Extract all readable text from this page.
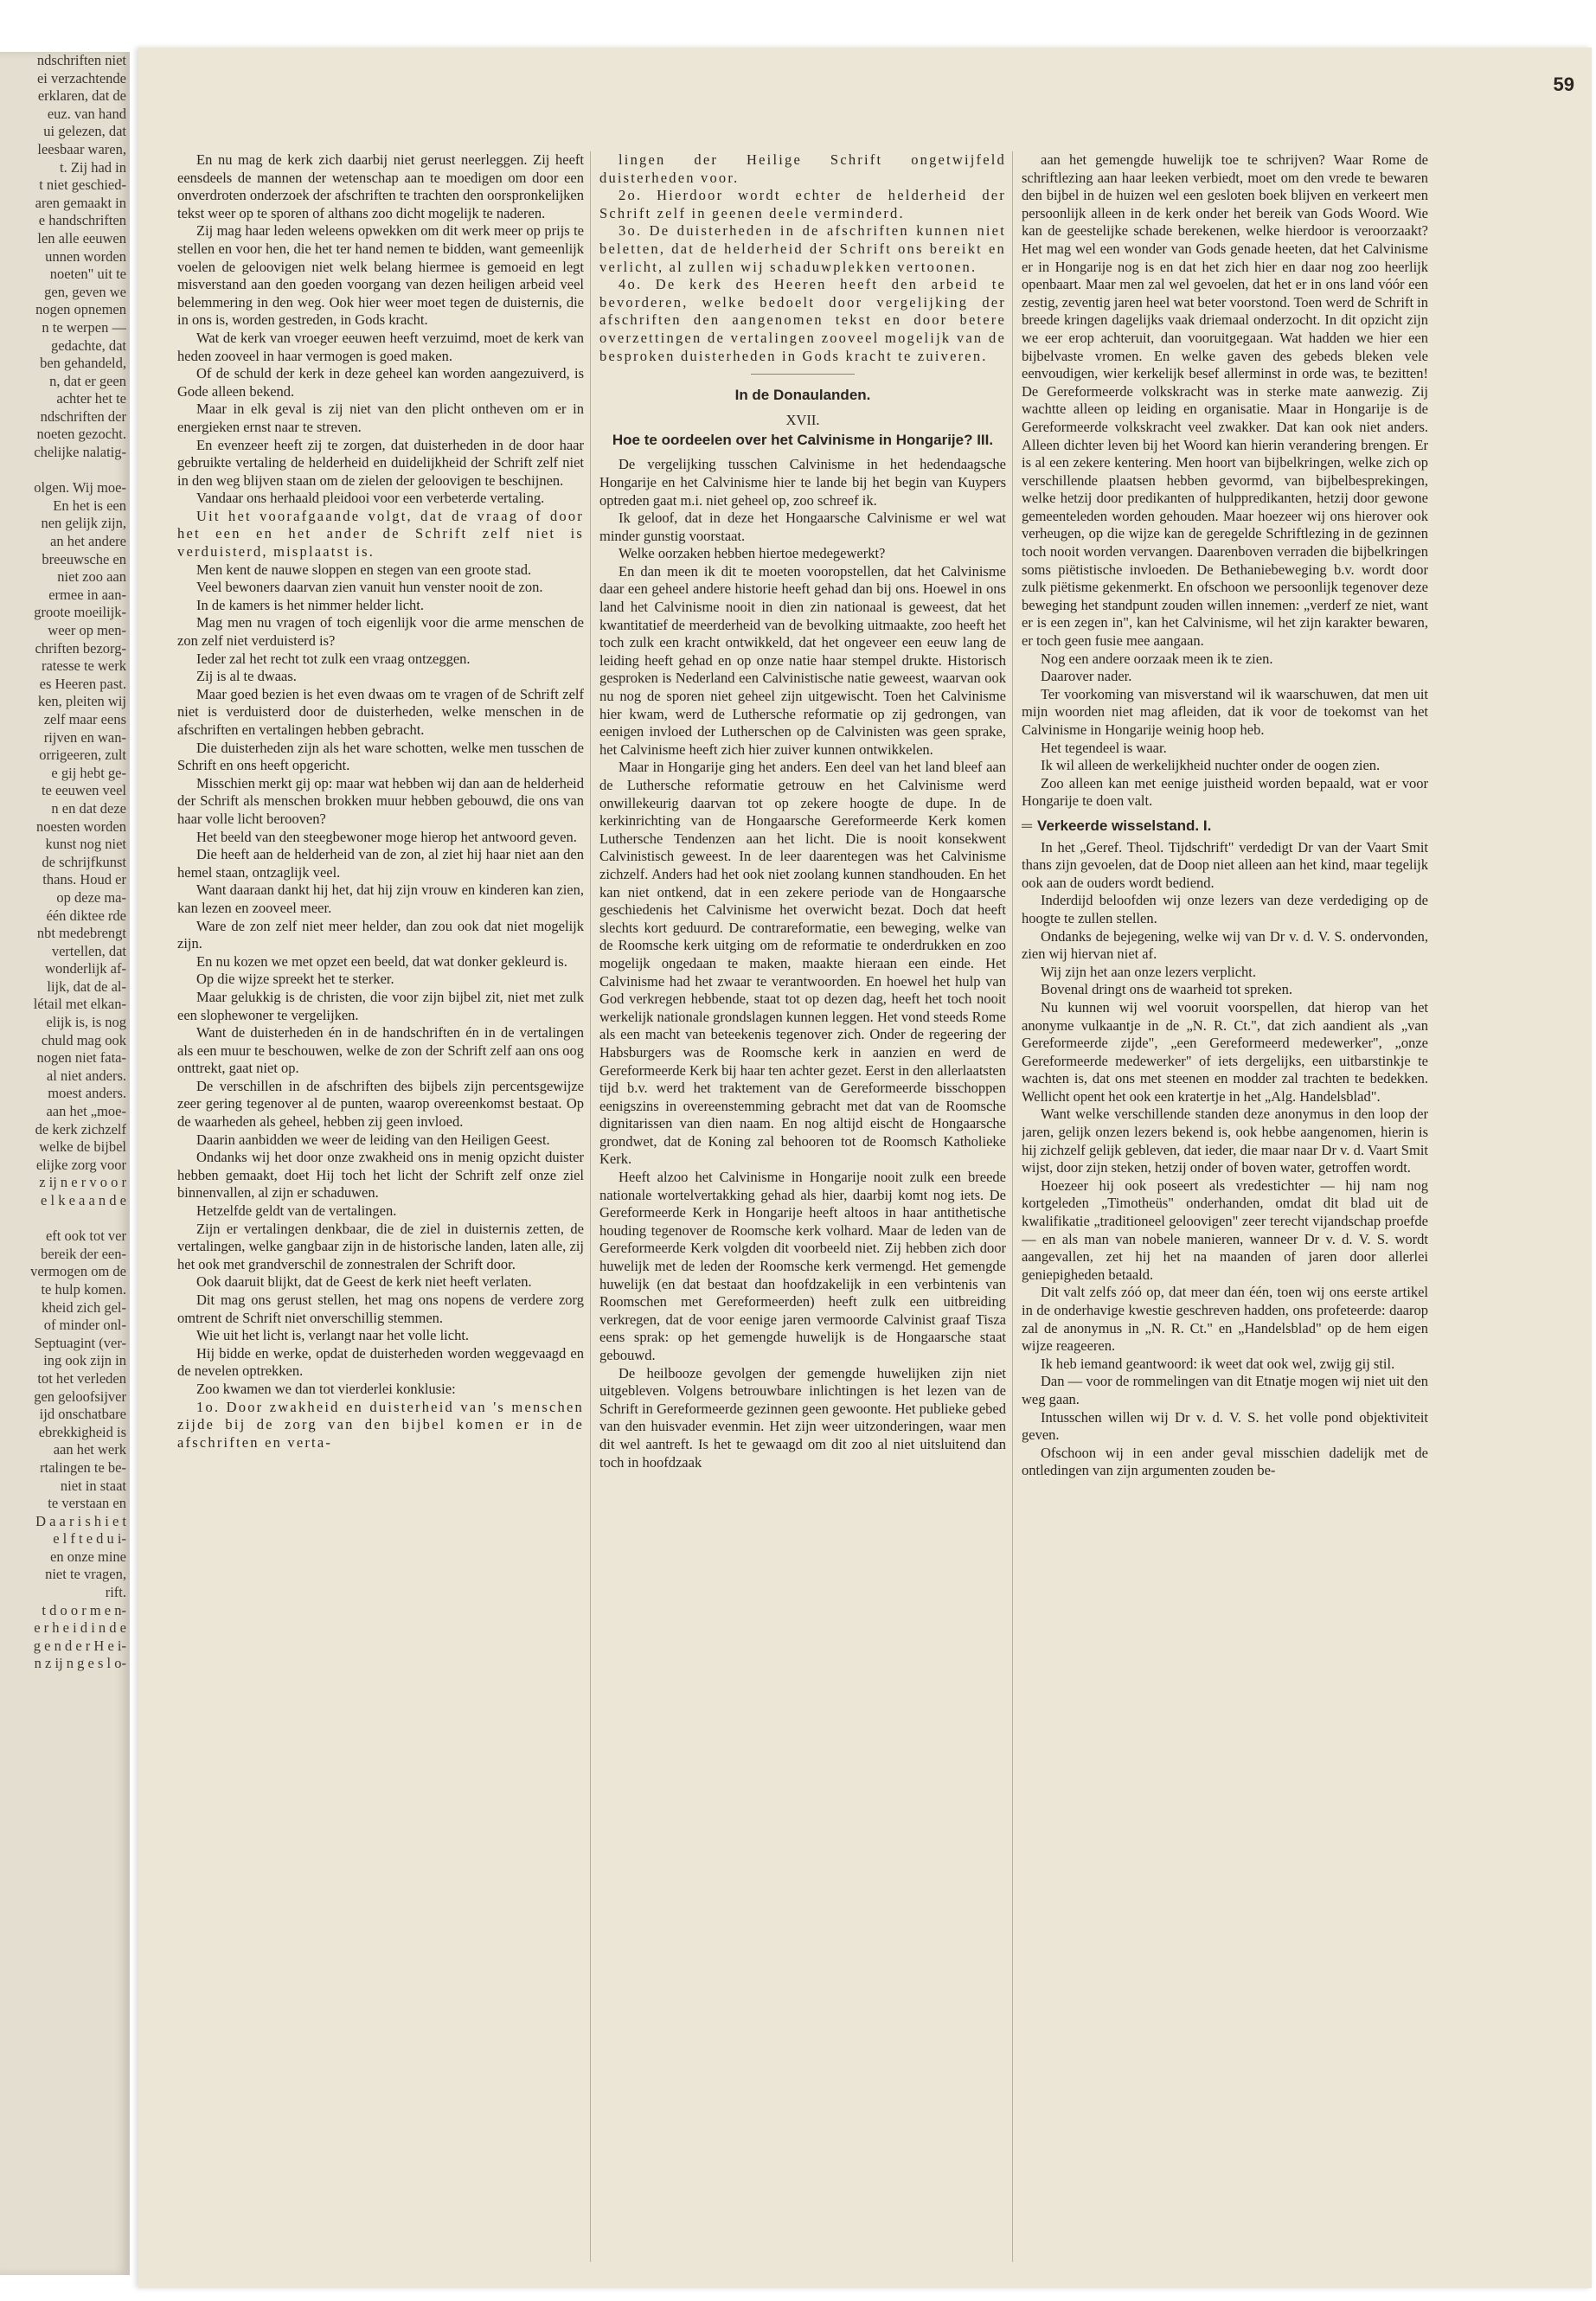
ndschriften niet
ei verzachtende
erklaren, dat de
euz. van hand
ui gelezen, dat
leesbaar waren,
t. Zij had in
t niet geschied-
aren gemaakt in
e handschriften
len alle eeuwen
unnen worden
noeten" uit te
gen, geven we
nogen opnemen
n te werpen —
gedachte, dat
ben gehandeld,
n, dat er geen
achter het te
ndschriften der
noeten gezocht.
chelijke nalatig-

olgen. Wij moe-
En het is een
nen gelijk zijn,
an het andere
breeuwsche en
niet zoo aan
ermee in aan-
groote moeilijk-
weer op men-
chriften bezorg-
ratesse te werk
es Heeren past.
ken, pleiten wij
zelf maar eens
rijven en wan-
orrigeeren, zult
e gij hebt ge-
te eeuwen veel
n en dat deze
noesten worden
kunst nog niet
de schrijfkunst
thans. Houd er
op deze ma-
één diktee rde
nbt medebrengt
vertellen, dat
wonderlijk af-
lijk, dat de al-
létail met elkan-
elijk is, is nog
chuld mag ook
nogen niet fata-
al niet anders.
moest anders.
aan het „moe-
de kerk zichzelf
welke de bijbel
elijke zorg voor
z ij n e r v o o r
e l k e a a n d e

eft ook tot ver
bereik der een-
vermogen om de
te hulp komen.
kheid zich gel-
of minder onl-
Septuagint (ver-
ing ook zijn in
tot het verleden
gen geloofsijver
ijd onschatbare
ebrekkigheid is
aan het werk
rtalingen te be-
niet in staat
te verstaan en
D a a r i s h i e t
e l f t e d u i-
en onze mine
niet te vragen,
rift.
t d o o r m e n-
e r h e i d i n d e
g e n d e r H e i-
n z ij n g e s l o-
59

En nu mag de kerk zich daarbij niet gerust neerleggen. Zij heeft eensdeels de mannen der wetenschap aan te moedigen om door een onverdroten onderzoek der afschriften te trachten den oorspronkelijken tekst weer op te sporen of althans zoo dicht mogelijk te naderen.

Zij mag haar leden weleens opwekken om dit werk meer op prijs te stellen en voor hen, die het ter hand nemen te bidden, want gemeenlijk voelen de geloovigen niet welk belang hiermee is gemoeid en legt misverstand aan den goeden voorgang van dezen heiligen arbeid veel belemmering in den weg. Ook hier weer moet tegen de duisternis, die in ons is, worden gestreden, in Gods kracht.

Wat de kerk van vroeger eeuwen heeft verzuimd, moet de kerk van heden zooveel in haar vermogen is goed maken.

Of de schuld der kerk in deze geheel kan worden aangezuiverd, is Gode alleen bekend.

Maar in elk geval is zij niet van den plicht ontheven om er in energieken ernst naar te streven.

En evenzeer heeft zij te zorgen, dat duisterheden in de door haar gebruikte vertaling de helderheid en duidelijkheid der Schrift zelf niet in den weg blijven staan om de zielen der geloovigen te beschijnen.

Vandaar ons herhaald pleidooi voor een verbeterde vertaling.

Uit het voorafgaande volgt, dat de vraag of door het een en het ander de Schrift zelf niet is verduisterd, misplaatst is.

Men kent de nauwe sloppen en stegen van een groote stad.

Veel bewoners daarvan zien vanuit hun venster nooit de zon.

In de kamers is het nimmer helder licht.

Mag men nu vragen of toch eigenlijk voor die arme menschen de zon zelf niet verduisterd is?

Ieder zal het recht tot zulk een vraag ontzeggen.

Zij is al te dwaas.

Maar goed bezien is het even dwaas om te vragen of de Schrift zelf niet is verduisterd door de duisterheden, welke menschen in de afschriften en vertalingen hebben gebracht.

Die duisterheden zijn als het ware schotten, welke men tusschen de Schrift en ons heeft opgericht.

Misschien merkt gij op: maar wat hebben wij dan aan de helderheid der Schrift als menschen brokken muur hebben gebouwd, die ons van haar volle licht berooven?

Het beeld van den steegbewoner moge hierop het antwoord geven.

Die heeft aan de helderheid van de zon, al ziet hij haar niet aan den hemel staan, ontzaglijk veel.

Want daaraan dankt hij het, dat hij zijn vrouw en kinderen kan zien, kan lezen en zooveel meer.

Ware de zon zelf niet meer helder, dan zou ook dat niet mogelijk zijn.

En nu kozen we met opzet een beeld, dat wat donker gekleurd is.

Op die wijze spreekt het te sterker.

Maar gelukkig is de christen, die voor zijn bijbel zit, niet met zulk een slophewoner te vergelijken.

Want de duisterheden én in de handschriften én in de vertalingen als een muur te beschouwen, welke de zon der Schrift zelf aan ons oog onttrekt, gaat niet op.

De verschillen in de afschriften des bijbels zijn percentsgewijze zeer gering tegenover al de punten, waarop overeenkomst bestaat. Op de waarheden als geheel, hebben zij geen invloed.

Daarin aanbidden we weer de leiding van den Heiligen Geest.

Ondanks wij het door onze zwakheid ons in menig opzicht duister hebben gemaakt, doet Hij toch het licht der Schrift zelf onze ziel binnenvallen, al zijn er schaduwen.

Hetzelfde geldt van de vertalingen.

Zijn er vertalingen denkbaar, die de ziel in duisternis zetten, de vertalingen, welke gangbaar zijn in de historische landen, laten alle, zij het ook met grandverschil de zonnestralen der Schrift door.

Ook daaruit blijkt, dat de Geest de kerk niet heeft verlaten.

Dit mag ons gerust stellen, het mag ons nopens de verdere zorg omtrent de Schrift niet onverschillig stemmen.

Wie uit het licht is, verlangt naar het volle licht.

Hij bidde en werke, opdat de duisterheden worden weggevaagd en de nevelen optrekken.

Zoo kwamen we dan tot vierderlei konklusie:

1o. Door zwakheid en duisterheid van 's menschen zijde bij de zorg van den bijbel komen er in de afschriften en verta-

lingen der Heilige Schrift ongetwijfeld duisterheden voor.

2o. Hierdoor wordt echter de helderheid der Schrift zelf in geenen deele verminderd.

3o. De duisterheden in de afschriften kunnen niet beletten, dat de helderheid der Schrift ons bereikt en verlicht, al zullen wij schaduwplekken vertoonen.

4o. De kerk des Heeren heeft den arbeid te bevorderen, welke bedoelt door vergelijking der afschriften den aangenomen tekst en door betere overzettingen de vertalingen zooveel mogelijk van de besproken duisterheden in Gods kracht te zuiveren.

In de Donaulanden.
XVII.
Hoe te oordeelen over het Calvinisme in Hongarije? III.

De vergelijking tusschen Calvinisme in het hedendaagsche Hongarije en het Calvinisme hier te lande bij het begin van Kuypers optreden gaat m.i. niet geheel op, zoo schreef ik.

Ik geloof, dat in deze het Hongaarsche Calvinisme er wel wat minder gunstig voorstaat.

Welke oorzaken hebben hiertoe medegewerkt?

En dan meen ik dit te moeten vooropstellen, dat het Calvinisme daar een geheel andere historie heeft gehad dan bij ons. Hoewel in ons land het Calvinisme nooit in dien zin nationaal is geweest, dat het kwantitatief de meerderheid van de bevolking uitmaakte, zoo heeft het toch zulk een kracht ontwikkeld, dat het ongeveer een eeuw lang de leiding heeft gehad en op onze natie haar stempel drukte. Historisch gesproken is Nederland een Calvinistische natie geweest, waarvan ook nu nog de sporen niet geheel zijn uitgewischt. Toen het Calvinisme hier kwam, werd de Luthersche reformatie op zij gedrongen, van eenigen invloed der Lutherschen op de Calvinisten was geen sprake, het Calvinisme heeft zich hier zuiver kunnen ontwikkelen.

Maar in Hongarije ging het anders. Een deel van het land bleef aan de Luthersche reformatie getrouw en het Calvinisme werd onwillekeurig daarvan tot op zekere hoogte de dupe. In de kerkinrichting van de Hongaarsche Gereformeerde Kerk komen Luthersche Tendenzen aan het licht. Die is nooit konsekwent Calvinistisch geweest. In de leer daarentegen was het Calvinisme zichzelf. Anders had het ook niet zoolang kunnen standhouden. En het kan niet ontkend, dat in een zekere periode van de Hongaarsche geschiedenis het Calvinisme het overwicht bezat. Doch dat heeft slechts kort geduurd. De contrareformatie, een beweging, welke van de Roomsche kerk uitging om de reformatie te onderdrukken en zoo mogelijk ongedaan te maken, maakte hieraan een einde. Het Calvinisme had het zwaar te verantwoorden. En hoewel het hulp van God verkregen hebbende, staat tot op dezen dag, heeft het toch nooit werkelijk nationale grondslagen kunnen leggen. Het vond steeds Rome als een macht van beteekenis tegenover zich. Onder de regeering der Habsburgers was de Roomsche kerk in aanzien en werd de Gereformeerde Kerk bij haar ten achter gezet. Eerst in den allerlaatsten tijd b.v. werd het traktement van de Gereformeerde bisschoppen eenigszins in overeenstemming gebracht met dat van de Roomsche dignitarissen van dien naam. En nog altijd eischt de Hongaarsche grondwet, dat de Koning zal behooren tot de Roomsch Katholieke Kerk.

Heeft alzoo het Calvinisme in Hongarije nooit zulk een breede nationale wortelvertakking gehad als hier, daarbij komt nog iets. De Gereformeerde Kerk in Hongarije heeft altoos in haar antithetische houding tegenover de Roomsche kerk volhard. Maar de leden van de Gereformeerde Kerk volgden dit voorbeeld niet. Zij hebben zich door huwelijk met de leden der Roomsche kerk vermengd. Het gemengde huwelijk (en dat bestaat dan hoofdzakelijk in een verbintenis van Roomschen met Gereformeerden) heeft zulk een uitbreiding verkregen, dat de voor eenige jaren vermoorde Calvinist graaf Tisza eens sprak: op het gemengde huwelijk is de Hongaarsche staat gebouwd.

De heilbooze gevolgen der gemengde huwelijken zijn niet uitgebleven. Volgens betrouwbare inlichtingen is het lezen van de Schrift in Gereformeerde gezinnen geen gewoonte. Het publieke gebed van den huisvader evenmin. Het zijn weer uitzonderingen, waar men dit wel aantreft. Is het te gewaagd om dit zoo al niet uitsluitend dan toch in hoofdzaak

aan het gemengde huwelijk toe te schrijven? Waar Rome de schriftlezing aan haar leeken verbiedt, moet om den vrede te bewaren den bijbel in de huizen wel een gesloten boek blijven en verkeert men persoonlijk alleen in de kerk onder het bereik van Gods Woord. Wie kan de geestelijke schade berekenen, welke hierdoor is veroorzaakt? Het mag wel een wonder van Gods genade heeten, dat het Calvinisme er in Hongarije nog is en dat het zich hier en daar nog zoo heerlijk openbaart. Maar men zal wel gevoelen, dat het er in ons land vóór een zestig, zeventig jaren heel wat beter voorstond. Toen werd de Schrift in breede kringen dagelijks vaak driemaal onderzocht. In dit opzicht zijn we eer erop achteruit, dan vooruitgegaan. Wat hadden we hier een bijbelvaste vromen. En welke gaven des gebeds bleken vele eenvoudigen, wier kerkelijk besef allerminst in orde was, te bezitten! De Gereformeerde volkskracht was in sterke mate aanwezig. Zij wachtte alleen op leiding en organisatie. Maar in Hongarije is de Gereformeerde volkskracht veel zwakker. Dat kan ook niet anders. Alleen dichter leven bij het Woord kan hierin verandering brengen. Er is al een zekere kentering. Men hoort van bijbelkringen, welke zich op verschillende plaatsen hebben gevormd, van bijbelbesprekingen, welke hetzij door predikanten of hulppredikanten, hetzij door gewone gemeenteleden worden gehouden. Maar hoezeer wij ons hierover ook verheugen, op die wijze kan de geregelde Schriftlezing in de gezinnen toch nooit worden vervangen. Daarenboven verraden die bijbelkringen soms piëtistische invloeden. De Bethaniebeweging b.v. wordt door zulk piëtisme gekenmerkt. En ofschoon we persoonlijk tegenover deze beweging het standpunt zouden willen innemen: „verderf ze niet, want er is een zegen in", kan het Calvinisme, wil het zijn karakter bewaren, er toch geen fusie mee aangaan.

Nog een andere oorzaak meen ik te zien.

Daarover nader.

Ter voorkoming van misverstand wil ik waarschuwen, dat men uit mijn woorden niet mag afleiden, dat ik voor de toekomst van het Calvinisme in Hongarije weinig hoop heb.

Het tegendeel is waar.

Ik wil alleen de werkelijkheid nuchter onder de oogen zien.

Zoo alleen kan met eenige juistheid worden bepaald, wat er voor Hongarije te doen valt.

═ Verkeerde wisselstand. I.

In het „Geref. Theol. Tijdschrift" verdedigt Dr van der Vaart Smit thans zijn gevoelen, dat de Doop niet alleen aan het kind, maar tegelijk ook aan de ouders wordt bediend.

Inderdijd beloofden wij onze lezers van deze verdediging op de hoogte te zullen stellen.

Ondanks de bejegening, welke wij van Dr v. d. V. S. ondervonden, zien wij hiervan niet af.

Wij zijn het aan onze lezers verplicht.

Bovenal dringt ons de waarheid tot spreken.

Nu kunnen wij wel vooruit voorspellen, dat hierop van het anonyme vulkaantje in de „N. R. Ct.", dat zich aandient als „van Gereformeerde zijde", „een Gereformeerd medewerker", „onze Gereformeerde medewerker" of iets dergelijks, een uitbarstinkje te wachten is, dat ons met steenen en modder zal trachten te bedekken. Wellicht opent het ook een kratertje in het „Alg. Handelsblad".

Want welke verschillende standen deze anonymus in den loop der jaren, gelijk onzen lezers bekend is, ook hebbe aangenomen, hierin is hij zichzelf gelijk gebleven, dat ieder, die maar naar Dr v. d. Vaart Smit wijst, door zijn steken, hetzij onder of boven water, getroffen wordt.

Hoezeer hij ook poseert als vredestichter — hij nam nog kortgeleden „Timotheüs" onderhanden, omdat dit blad uit de kwalifikatie „traditioneel geloovigen" zeer terecht vijandschap proefde — en als man van nobele manieren, wanneer Dr v. d. V. S. wordt aangevallen, zet hij het na maanden of jaren door allerlei geniepigheden betaald.

Dit valt zelfs zóó op, dat meer dan één, toen wij ons eerste artikel in de onderhavige kwestie geschreven hadden, ons profeteerde: daarop zal de anonymus in „N. R. Ct." en „Handelsblad" op de hem eigen wijze reageeren.

Ik heb iemand geantwoord: ik weet dat ook wel, zwijg gij stil.

Dan — voor de rommelingen van dit Etnatje mogen wij niet uit den weg gaan.

Intusschen willen wij Dr v. d. V. S. het volle pond objektiviteit geven.

Ofschoon wij in een ander geval misschien dadelijk met de ontledingen van zijn argumenten zouden be-
